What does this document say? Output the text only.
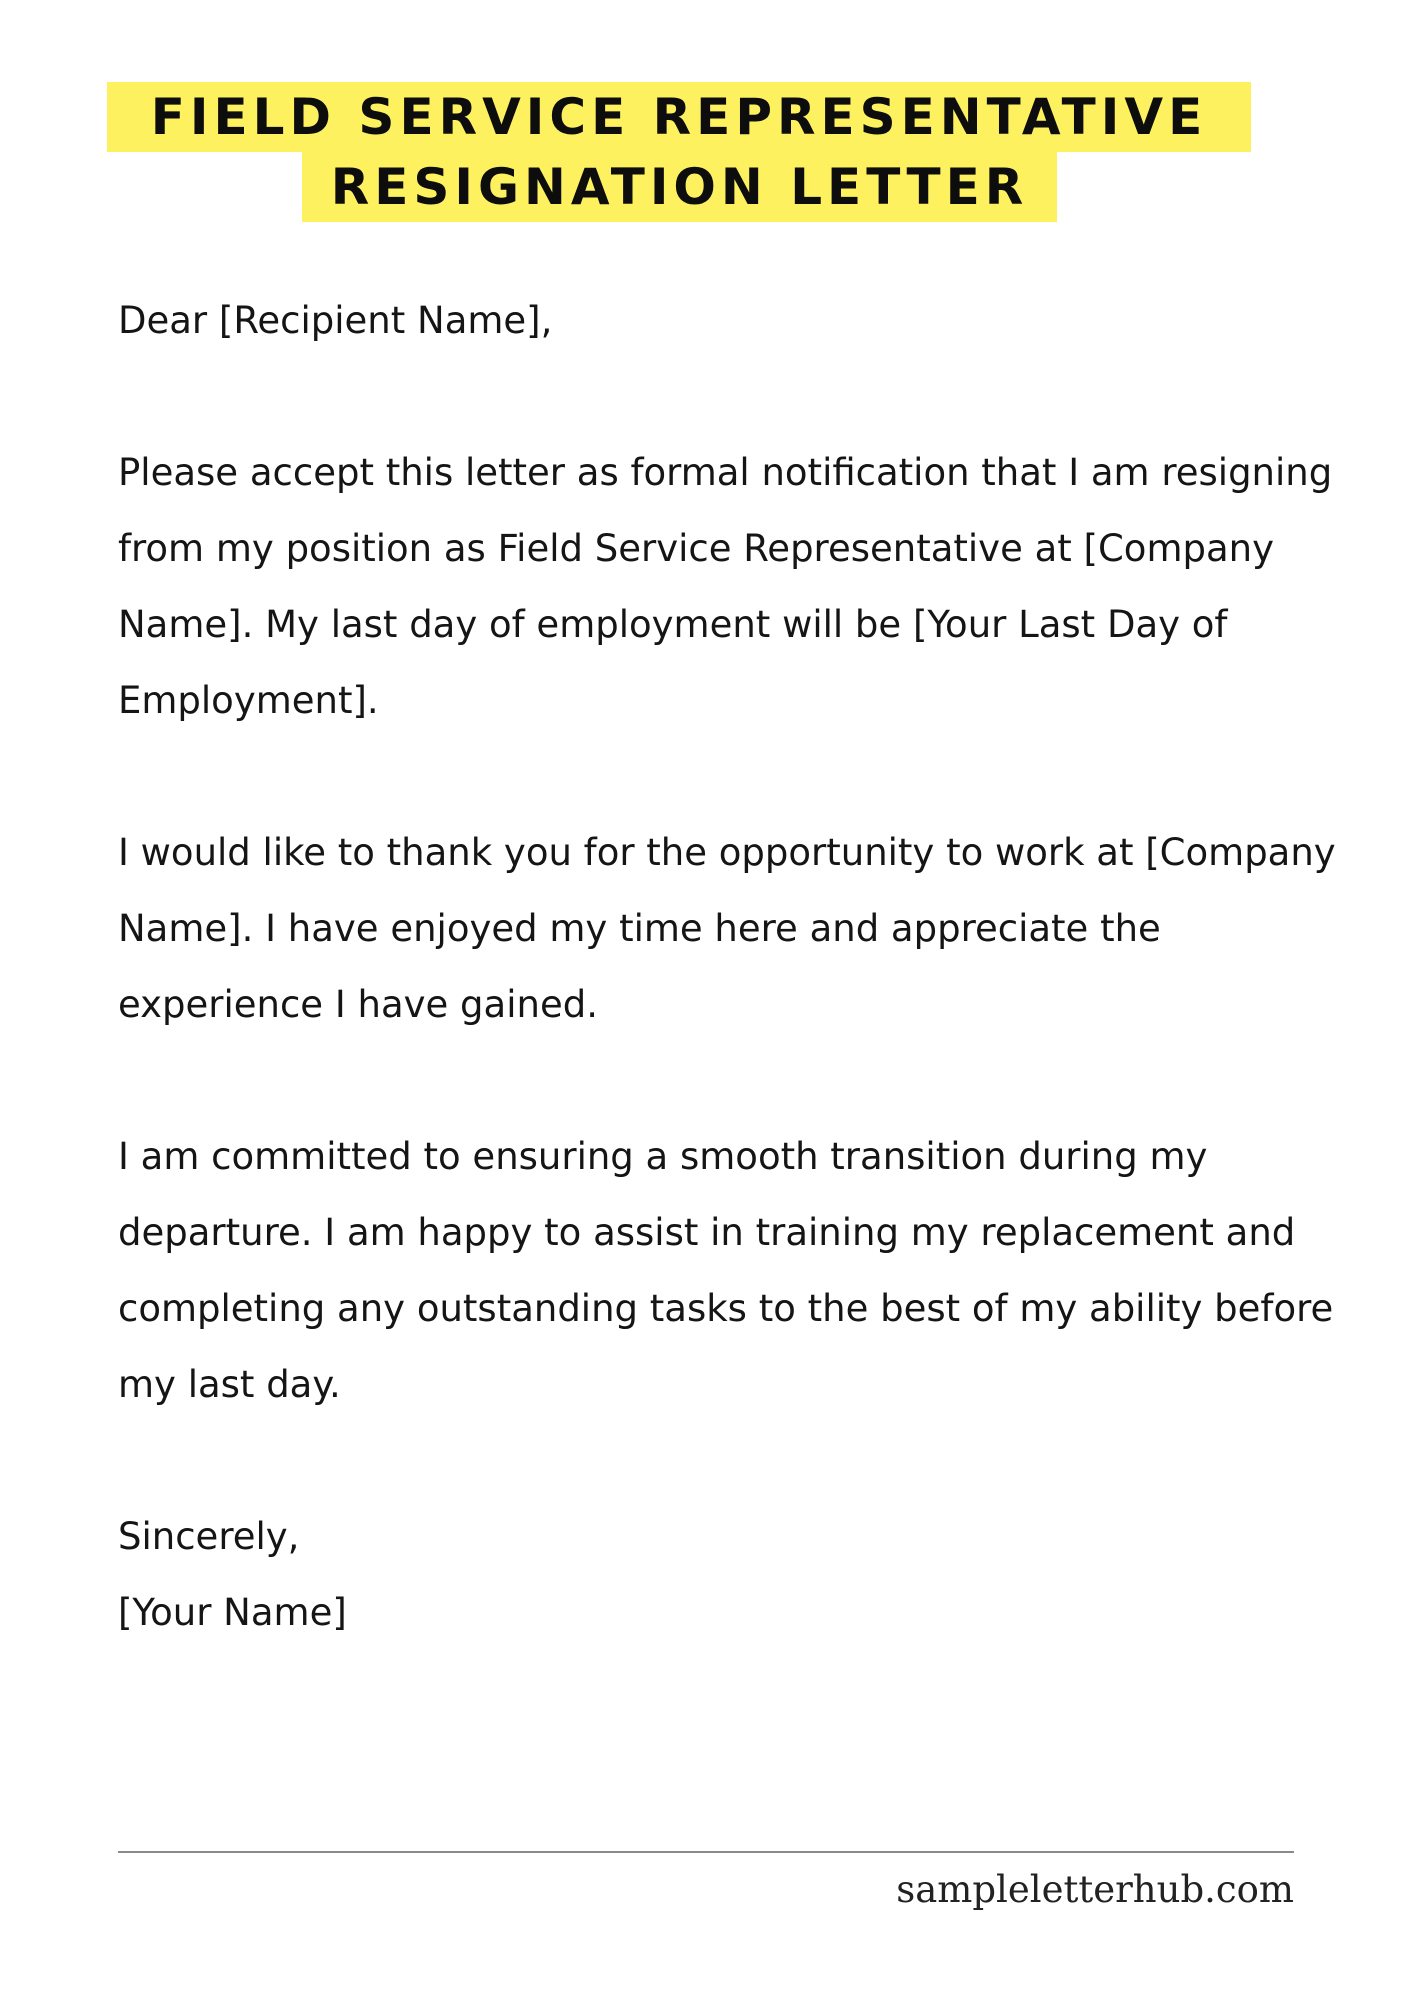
FIELD SERVICE REPRESENTATIVE
RESIGNATION LETTER

Dear [Recipient Name],

Please accept this letter as formal notification that I am resigning from my position as Field Service Representative at [Company Name]. My last day of employment will be [Your Last Day of Employment].

I would like to thank you for the opportunity to work at [Company Name]. I have enjoyed my time here and appreciate the experience I have gained.

I am committed to ensuring a smooth transition during my departure. I am happy to assist in training my replacement and completing any outstanding tasks to the best of my ability before my last day.

Sincerely,

[Your Name]

sampleletterhub.com
